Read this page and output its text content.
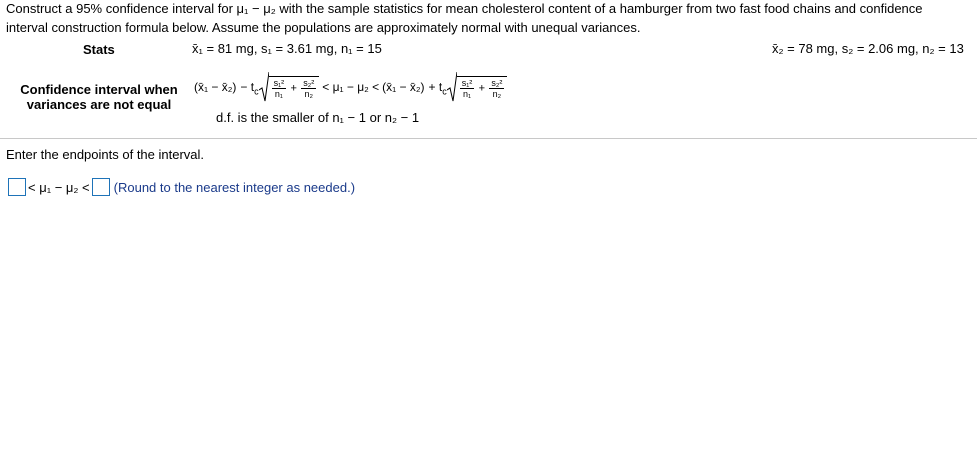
Construct a 95% confidence interval for μ₁ − μ₂ with the sample statistics for mean cholesterol content of a hamburger from two fast food chains and confidence
interval construction formula below. Assume the populations are approximately normal with unequal variances.
Stats	x̄₁ = 81 mg, s₁ = 3.61 mg, n₁ = 15	x̄₂ = 78 mg, s₂ = 2.06 mg, n₂ = 13
Confidence interval when
variances are not equal
(x̄₁ − x̄₂) − $t_c \frac{\text{s₁²}}{\text{n₁}} + \frac{\text{s₂²}}{\text{n₂}} < \mu_1 - \mu_2$ < (x̄₁ − x̄₂) + $t_c \frac{\text{s₁²}}{\text{n₁}} + \frac{\text{s₂²}}{\text{n₂}}$
d.f. is the smaller of n₁ − 1 or n₂ − 1
Enter the endpoints of the interval.
< μ₁ − μ₂ < (Round to the nearest integer as needed.)
